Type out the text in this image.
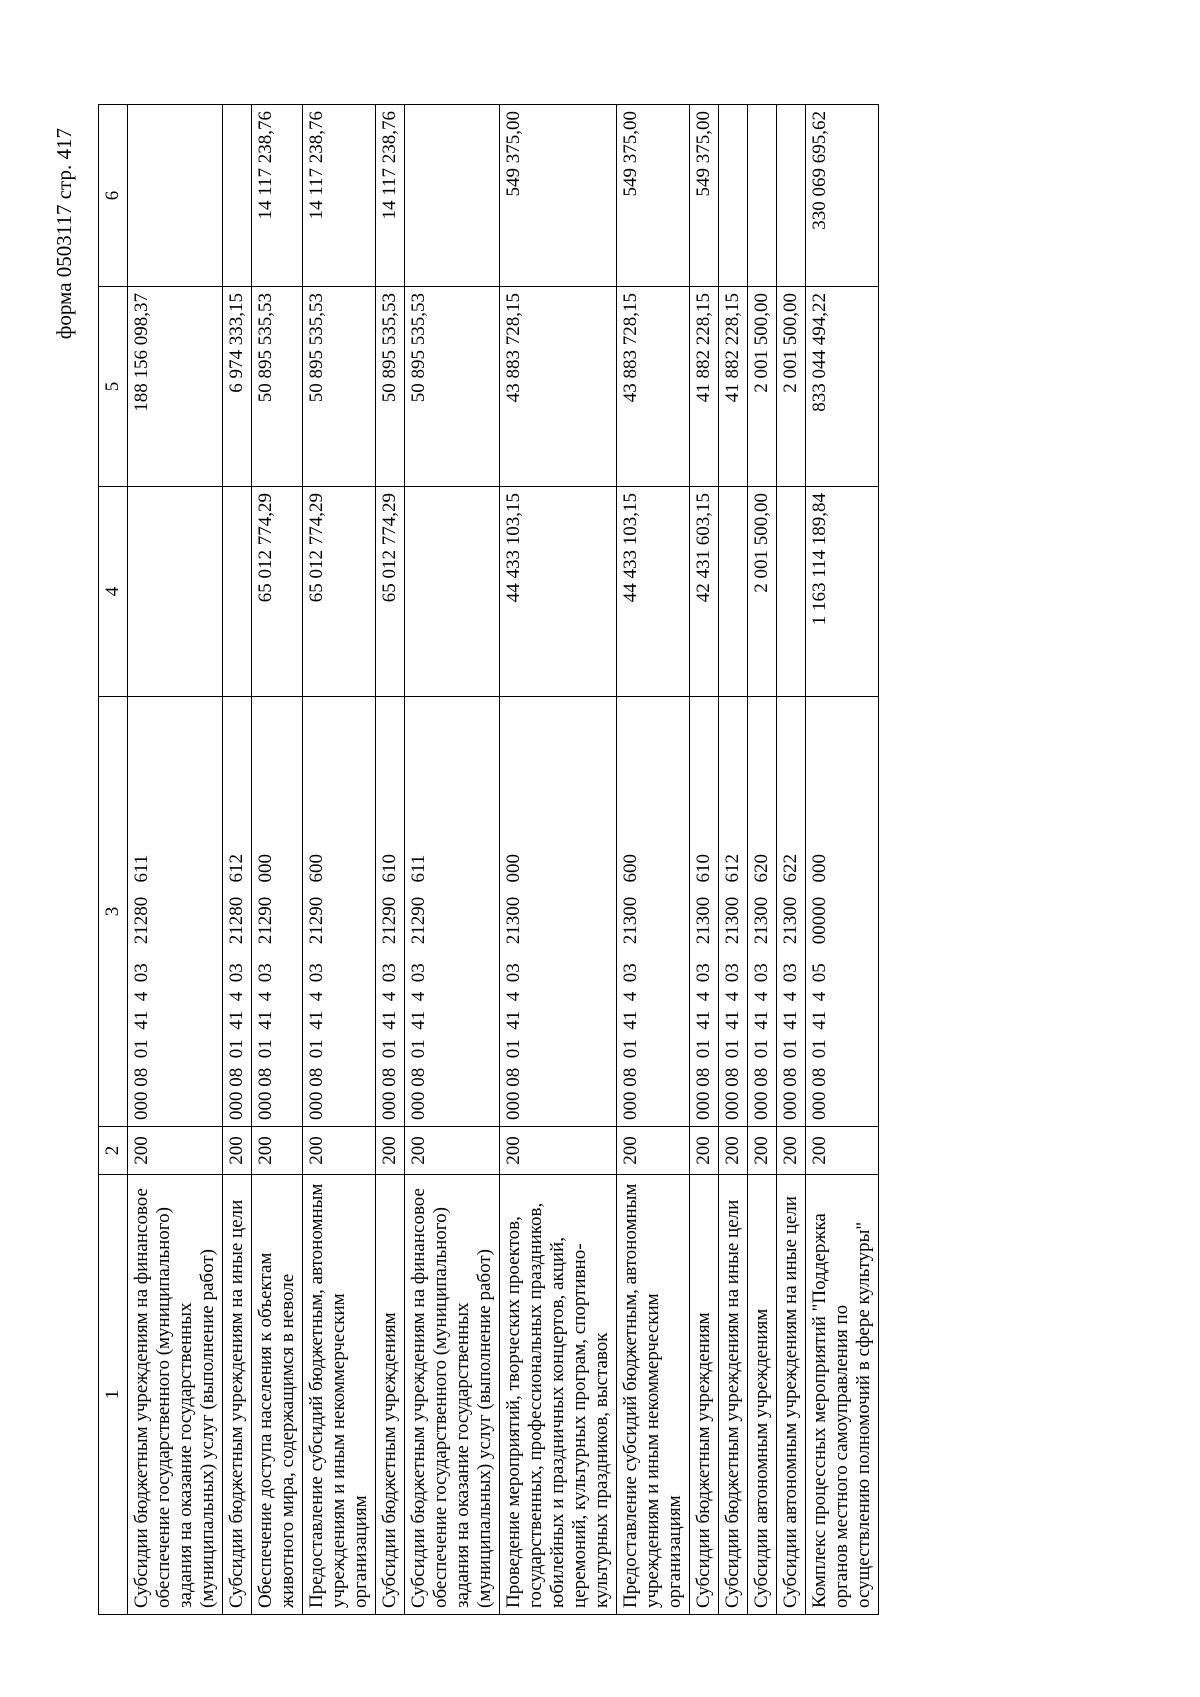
форма 0503117 стр. 417
1	2	3	4	5	6
Субсидии бюджетным учреждениям на финансовое обеспечение государственного (муниципального) задания на оказание государственных (муниципальных) услуг (выполнение работ)	200	000 08  01  41  4  03    21280   611		188 156 098,37	
Субсидии бюджетным учреждениям на иные цели	200	000 08  01  41  4  03    21280   612		6 974 333,15	
Обеспечение доступа населения к объектам животного мира, содержащимся в неволе	200	000 08  01  41  4  03    21290   000	65 012 774,29	50 895 535,53	14 117 238,76
Предоставление субсидий бюджетным, автономным учреждениям и иным некоммерческим организациям	200	000 08  01  41  4  03    21290   600	65 012 774,29	50 895 535,53	14 117 238,76
Субсидии бюджетным учреждениям	200	000 08  01  41  4  03    21290   610	65 012 774,29	50 895 535,53	14 117 238,76
Субсидии бюджетным учреждениям на финансовое обеспечение государственного (муниципального) задания на оказание государственных (муниципальных) услуг (выполнение работ)	200	000 08  01  41  4  03    21290   611		50 895 535,53	
Проведение мероприятий, творческих проектов, государственных, профессиональных праздников, юбилейных и праздничных концертов, акций, церемоний, культурных програм, спортивно-культурных праздников, выставок	200	000 08  01  41  4  03    21300   000	44 433 103,15	43 883 728,15	549 375,00
Предоставление субсидий бюджетным, автономным учреждениям и иным некоммерческим организациям	200	000 08  01  41  4  03    21300   600	44 433 103,15	43 883 728,15	549 375,00
Субсидии бюджетным учреждениям	200	000 08  01  41  4  03    21300   610	42 431 603,15	41 882 228,15	549 375,00
Субсидии бюджетным учреждениям на иные цели	200	000 08  01  41  4  03    21300   612		41 882 228,15	
Субсидии автономным учреждениям	200	000 08  01  41  4  03    21300   620	2 001 500,00	2 001 500,00	
Субсидии автономным учреждениям на иные цели	200	000 08  01  41  4  03    21300   622		2 001 500,00	
Комплекс процессных мероприятий "Поддержка органов местного самоуправления по осуществлению полномочий в сфере культуры"	200	000 08  01  41  4  05    00000   000	1 163 114 189,84	833 044 494,22	330 069 695,62
